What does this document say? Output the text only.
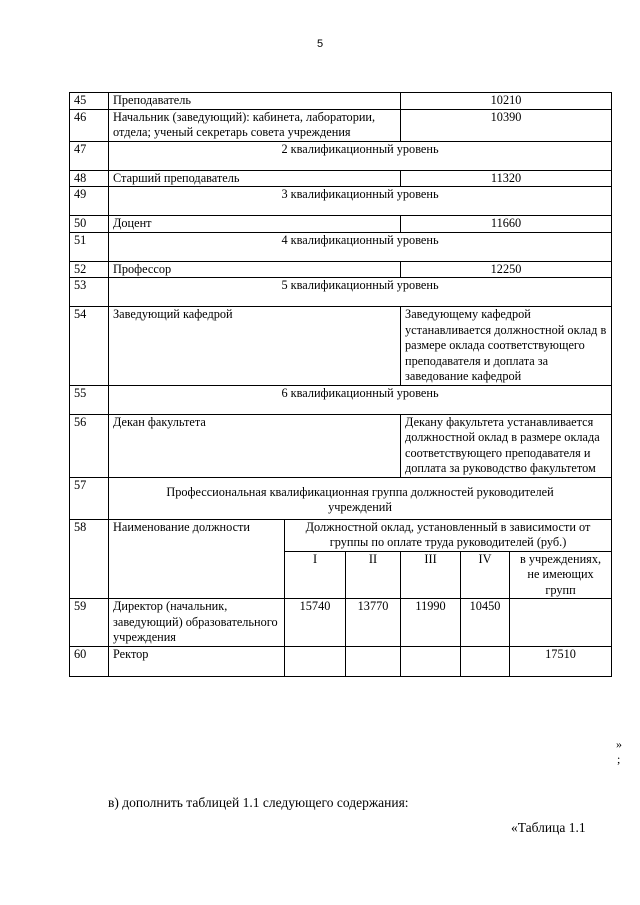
5
45	Преподаватель			10210		
46	Начальник (заведующий): кабинета, лаборатории, отдела; ученый секретарь совета учреждения			10390		
47	2 квалификационный уровень					
48	Старший преподаватель			11320		
49	3 квалификационный уровень					
50	Доцент			11660		
51	4 квалификационный уровень					
52	Профессор			12250		
53	5 квалификационный уровень					
54	Заведующий кафедрой			Заведующему кафедрой устанавливается должностной оклад в размере оклада соответствующего преподавателя и доплата за заведование кафедрой		
55	6 квалификационный уровень					
56	Декан факультета			Декану факультета устанавливается должностной оклад в размере оклада соответствующего преподавателя и доплата за руководство факультетом		
57	Профессиональная квалификационная группа должностей руководителей учреждений					
58	Наименование должности	Должностной оклад, установленный в зависимости от группы по оплате труда руководителей (руб.)				
		I	II	III	IV	в учреждениях, не имеющих групп
59	Директор (начальник, заведующий) образовательного учреждения	15740	13770	11990	10450	
60	Ректор					17510
»
;
в) дополнить таблицей 1.1 следующего содержания:
«Таблица 1.1
